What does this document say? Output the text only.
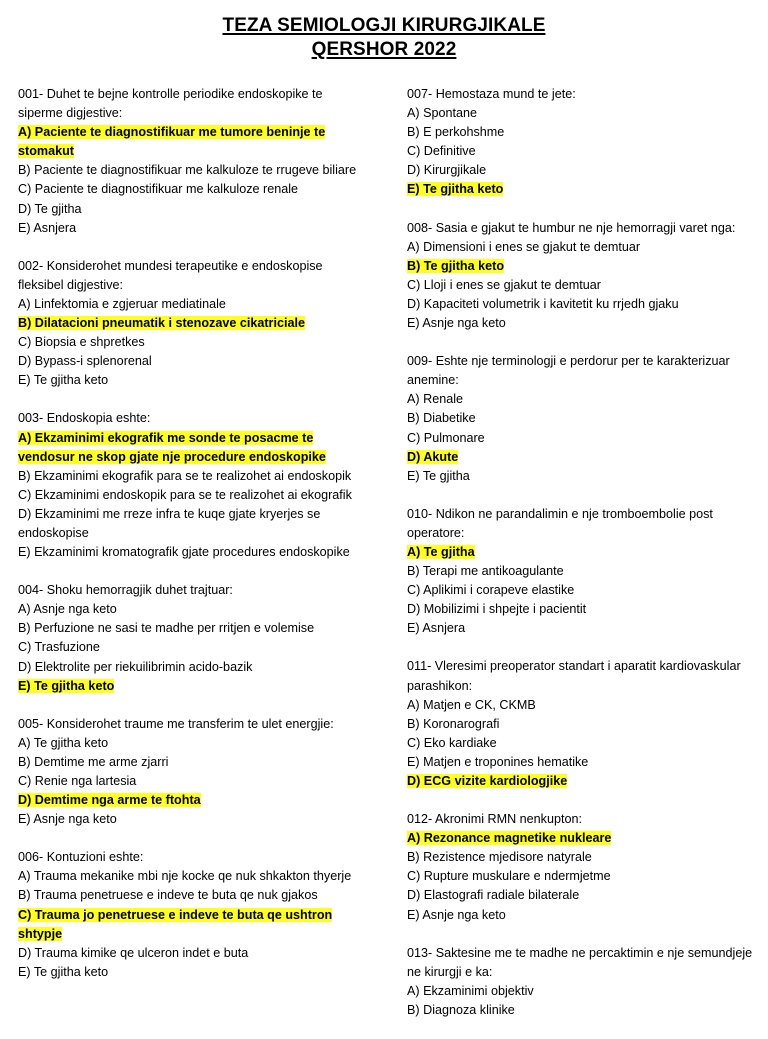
TEZA SEMIOLOGJI KIRURGJIKALE
QERSHOR 2022
001- Duhet te bejne kontrolle periodike endoskopike te siperme digjestive:
A) Paciente te diagnostifikuar me tumore beninje te stomakut
B) Paciente te diagnostifikuar me kalkuloze te rrugeve biliare
C) Paciente te diagnostifikuar me kalkuloze renale
D) Te gjitha
E) Asnjera
002- Konsiderohet mundesi terapeutike e endoskopise fleksibel digjestive:
A) Linfektomia e zgjeruar mediatinale
B) Dilatacioni pneumatik i stenozave cikatriciale
C) Biopsia e shpretkes
D) Bypass-i splenorenal
E) Te gjitha keto
003- Endoskopia eshte:
A) Ekzaminimi ekografik me sonde te posacme te vendosur ne skop gjate nje procedure endoskopike
B) Ekzaminimi ekografik para se te realizohet ai endoskopik
C) Ekzaminimi endoskopik para se te realizohet ai ekografik
D) Ekzaminimi me rreze infra te kuqe gjate kryerjes se endoskopise
E) Ekzaminimi kromatografik gjate procedures endoskopike
004- Shoku hemorragjik duhet trajtuar:
A) Asnje nga keto
B) Perfuzione ne sasi te madhe per rritjen e volemise
C) Trasfuzione
D) Elektrolite per riekuilibrimin acido-bazik
E) Te gjitha keto
005- Konsiderohet traume me transferim te ulet energjie:
A) Te gjitha keto
B) Demtime me arme zjarri
C) Renie nga lartesia
D) Demtime nga arme te ftohta
E) Asnje nga keto
006- Kontuzioni eshte:
A) Trauma mekanike mbi nje kocke qe nuk shkakton thyerje
B) Trauma penetruese e indeve te buta qe nuk gjakos
C) Trauma jo penetruese e indeve te buta qe ushtron shtypje
D) Trauma kimike qe ulceron indet e buta
E) Te gjitha keto
007- Hemostaza mund te jete:
A) Spontane
B) E perkohshme
C) Definitive
D) Kirurgjikale
E) Te gjitha keto
008- Sasia e gjakut te humbur ne nje hemorragji varet nga:
A) Dimensioni i enes se gjakut te demtuar
B) Te gjitha keto
C) Lloji i enes se gjakut te demtuar
D) Kapaciteti volumetrik i kavitetit ku rrjedh gjaku
E) Asnje nga keto
009- Eshte nje terminologji e perdorur per te karakterizuar anemine:
A) Renale
B) Diabetike
C) Pulmonare
D) Akute
E) Te gjitha
010- Ndikon ne parandalimin e nje tromboembolie post operatore:
A) Te gjitha
B) Terapi me antikoagulante
C) Aplikimi i corapeve elastike
D) Mobilizimi i shpejte i pacientit
E) Asnjera
011- Vleresimi preoperator standart i aparatit kardiovaskular parashikon:
A) Matjen e CK, CKMB
B) Koronarografi
C) Eko kardiake
E) Matjen e troponines hematike
D) ECG vizite kardiologjike
012- Akronimi RMN nenkupton:
A) Rezonance magnetike nukleare
B) Rezistence mjedisore natyrale
C) Rupture muskulare e ndermjetme
D) Elastografi radiale bilaterale
E) Asnje nga keto
013- Saktesine me te madhe ne percaktimin e nje semundjeje ne kirurgji e ka:
A) Ekzaminimi objektiv
B) Diagnoza klinike
